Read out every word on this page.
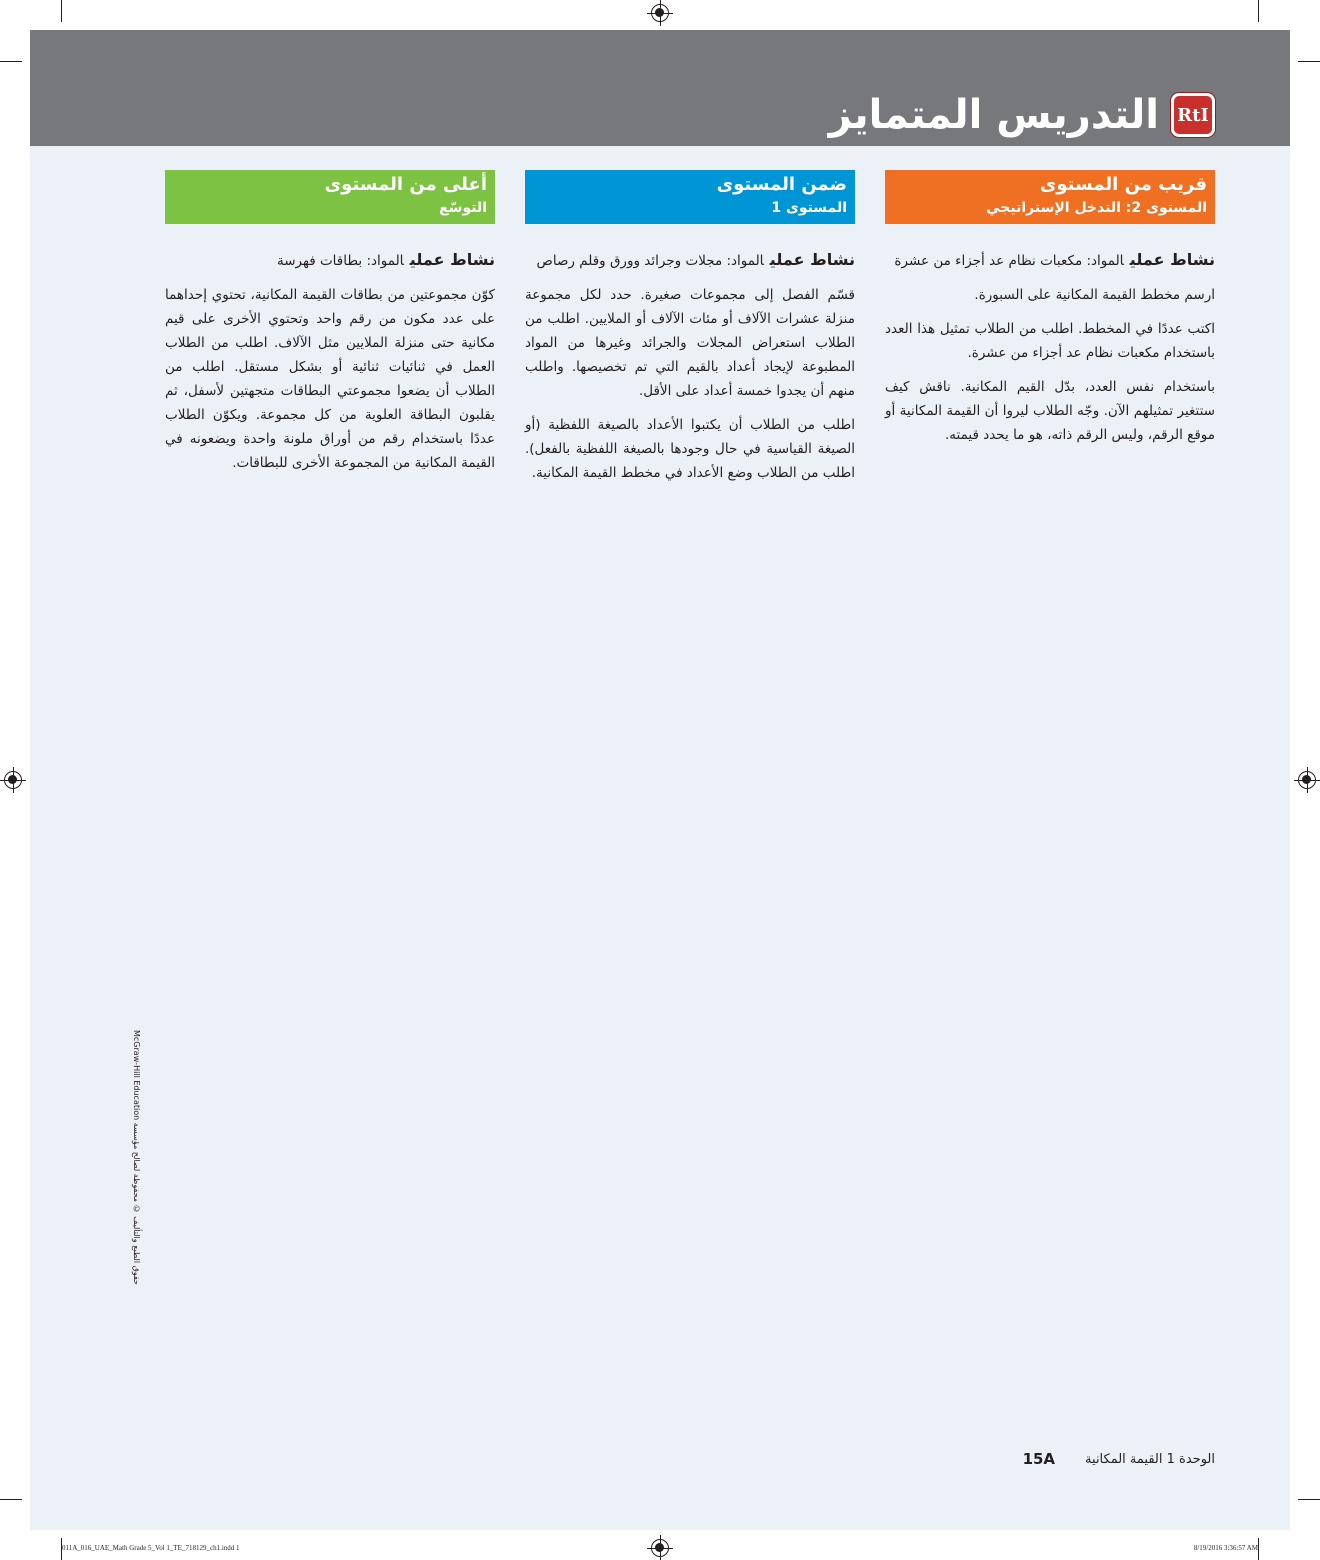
RtI
التدريس المتمايز
قريب من المستوى
المستوى 2: التدخل الإستراتيجي

نشاط عمليالمواد: مكعبات نظام عد أجزاء من عشرة

ارسم مخطط القيمة المكانية على السبورة.

اكتب عددًا في المخطط. اطلب من الطلاب تمثيل هذا العدد باستخدام مكعبات نظام عد أجزاء من عشرة.

باستخدام نفس العدد، بدّل القيم المكانية. ناقش كيف ستتغير تمثيلهم الآن. وجّه الطلاب ليروا أن القيمة المكانية أو موقع الرقم، وليس الرقم ذاته، هو ما يحدد قيمته.

ضمن المستوى
المستوى 1

نشاط عمليالمواد: مجلات وجرائد وورق وقلم رصاص

قسّم الفصل إلى مجموعات صغيرة. حدد لكل مجموعة منزلة عشرات الآلاف أو مئات الآلاف أو الملايين. اطلب من الطلاب استعراض المجلات والجرائد وغيرها من المواد المطبوعة لإيجاد أعداد بالقيم التي تم تخصيصها. واطلب منهم أن يجدوا خمسة أعداد على الأقل.

اطلب من الطلاب أن يكتبوا الأعداد بالصيغة اللفظية (أو الصيغة القياسية في حال وجودها بالصيغة اللفظية بالفعل). اطلب من الطلاب وضع الأعداد في مخطط القيمة المكانية.

أعلى من المستوى
التوسّع

نشاط عمليالمواد: بطاقات فهرسة

كوّن مجموعتين من بطاقات القيمة المكانية، تحتوي إحداهما على عدد مكون من رقم واحد وتحتوي الأخرى على قيم مكانية حتى منزلة الملايين مثل الآلاف. اطلب من الطلاب العمل في ثنائيات ثنائية أو بشكل مستقل. اطلب من الطلاب أن يضعوا مجموعتي البطاقات متجهتين لأسفل، ثم يقلبون البطاقة العلوية من كل مجموعة. ويكوّن الطلاب عددًا باستخدام رقم من أوراق ملونة واحدة ويضعونه في القيمة المكانية من المجموعة الأخرى للبطاقات.

McGraw-Hill Education حقوق الطبع والتأليف © محفوظة لصالح مؤسسة
الوحدة 1 القيمة المكانية
15A
011A_016_UAE_Math Grade 5_Vol 1_TE_718129_ch1.indd 1	8/19/2016 3:36:57 AM
